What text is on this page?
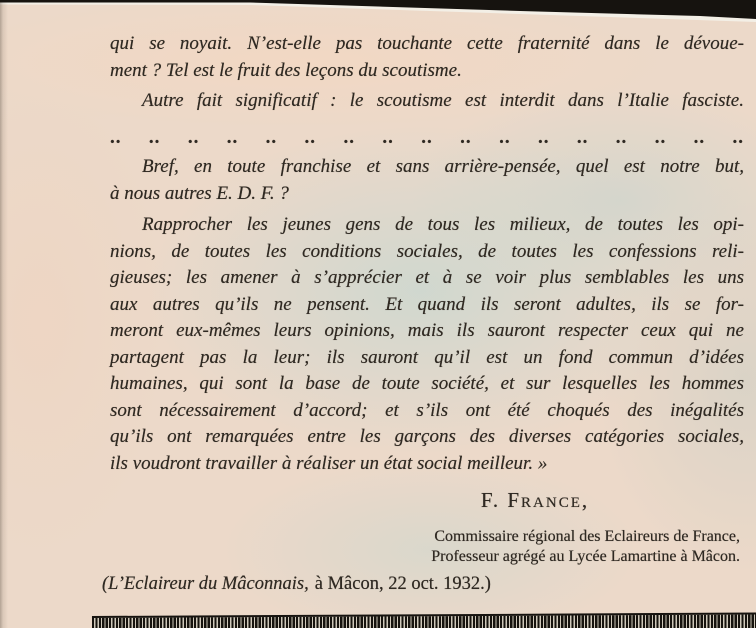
qui se noyait. N’est-elle pas touchante cette fraternité dans le dévoue-
ment ? Tel est le fruit des leçons du scoutisme.
Autre fait significatif : le scoutisme est interdit dans l’Italie fasciste.
.. .. .. .. .. .. .. .. .. .. .. .. .. .. .. .. ..
Bref, en toute franchise et sans arrière-pensée, quel est notre but,
à nous autres E. D. F. ?
Rapprocher les jeunes gens de tous les milieux, de toutes les opi-
nions, de toutes les conditions sociales, de toutes les confessions reli-
gieuses; les amener à s’apprécier et à se voir plus semblables les uns
aux autres qu’ils ne pensent. Et quand ils seront adultes, ils se for-
meront eux-mêmes leurs opinions, mais ils sauront respecter ceux qui ne
partagent pas la leur; ils sauront qu’il est un fond commun d’idées
humaines, qui sont la base de toute société, et sur lesquelles les hommes
sont nécessairement d’accord; et s’ils ont été choqués des inégalités
qu’ils ont remarquées entre les garçons des diverses catégories sociales,
ils voudront travailler à réaliser un état social meilleur. »
F. France,
Commissaire régional des Eclaireurs de France,
Professeur agrégé au Lycée Lamartine à Mâcon.
(L’Eclaireur du Mâconnais, à Mâcon, 22 oct. 1932.)
